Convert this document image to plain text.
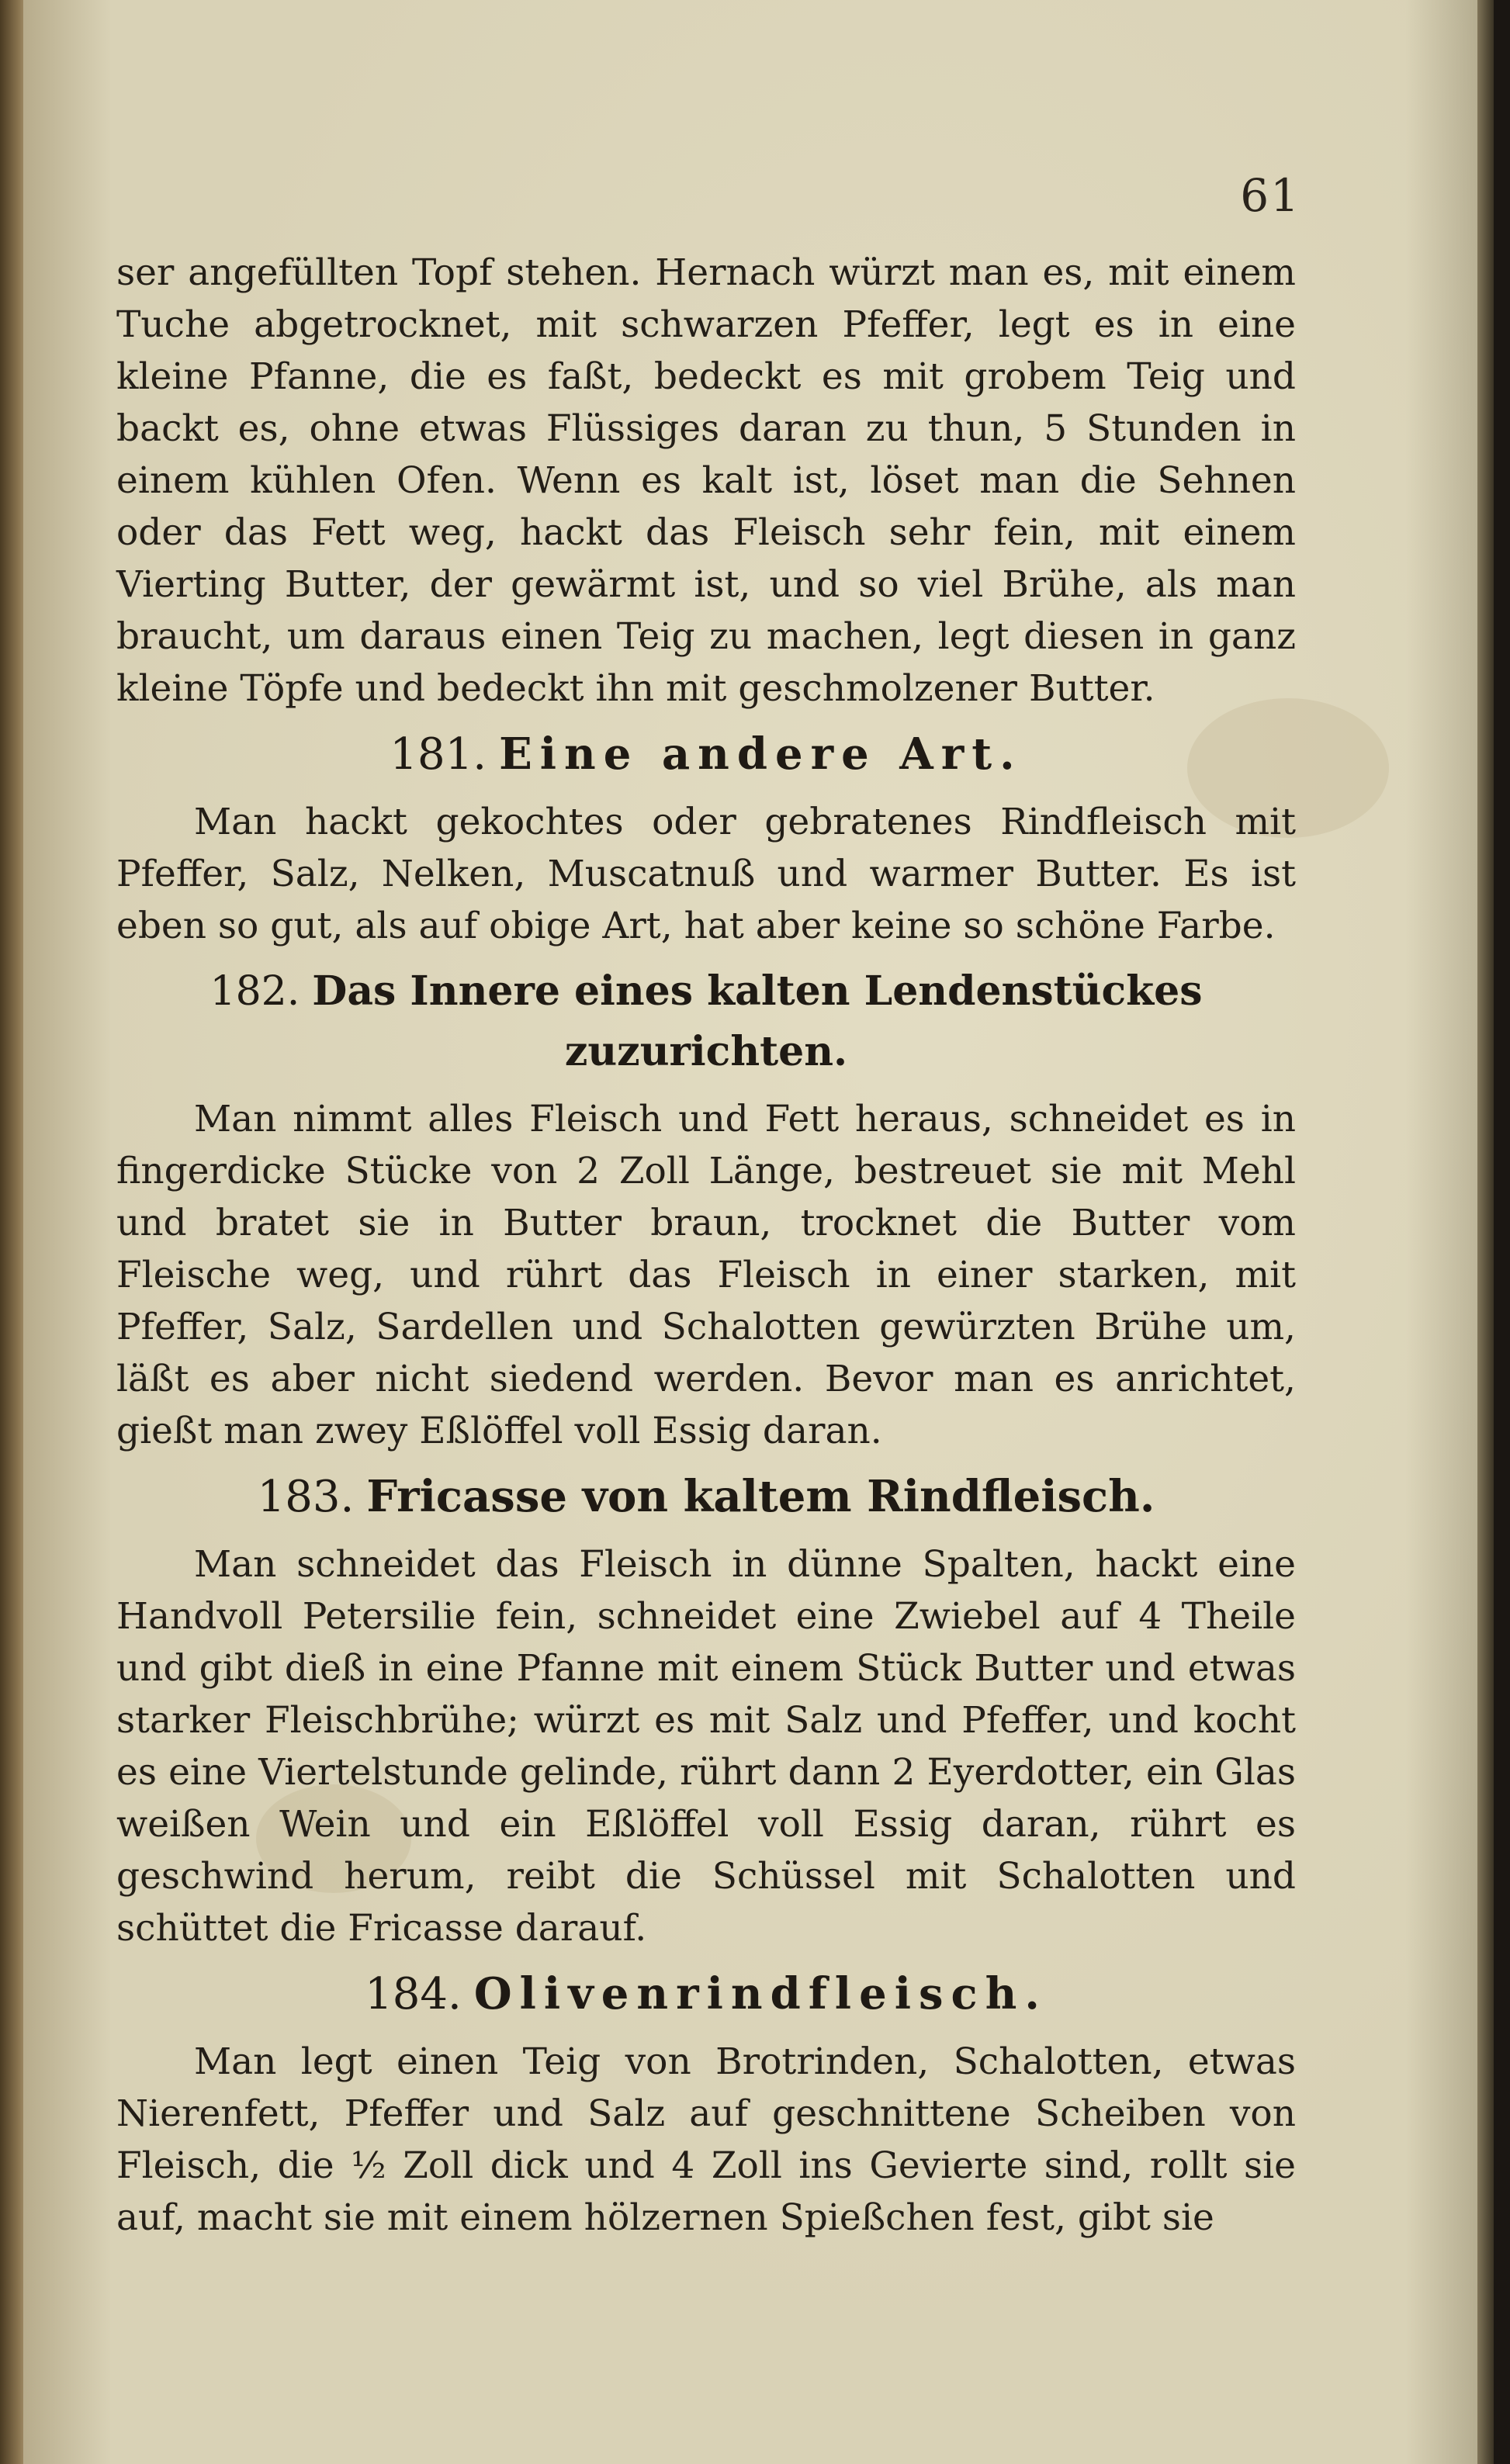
61

ser angefüllten Topf stehen. Hernach würzt man es, mit einem Tuche abgetrocknet, mit schwarzen Pfeffer, legt es in eine kleine Pfanne, die es faßt, bedeckt es mit grobem Teig und backt es, ohne etwas Flüssiges daran zu thun, 5 Stunden in einem kühlen Ofen. Wenn es kalt ist, löset man die Sehnen oder das Fett weg, hackt das Fleisch sehr fein, mit einem Vierting Butter, der gewärmt ist, und so viel Brühe, als man braucht, um daraus einen Teig zu machen, legt diesen in ganz kleine Töpfe und bedeckt ihn mit geschmolzener Butter.

181. Eine andere Art.

Man hackt gekochtes oder gebratenes Rindfleisch mit Pfeffer, Salz, Nelken, Muscatnuß und warmer Butter. Es ist eben so gut, als auf obige Art, hat aber keine so schöne Farbe.

182. Das Innere eines kalten Lendenstückes zuzurichten.

Man nimmt alles Fleisch und Fett heraus, schneidet es in fingerdicke Stücke von 2 Zoll Länge, bestreuet sie mit Mehl und bratet sie in Butter braun, trocknet die Butter vom Fleische weg, und rührt das Fleisch in einer starken, mit Pfeffer, Salz, Sardellen und Schalotten gewürzten Brühe um, läßt es aber nicht siedend werden. Bevor man es anrichtet, gießt man zwey Eßlöffel voll Essig daran.

183. Fricasse von kaltem Rindfleisch.

Man schneidet das Fleisch in dünne Spalten, hackt eine Handvoll Petersilie fein, schneidet eine Zwiebel auf 4 Theile und gibt dieß in eine Pfanne mit einem Stück Butter und etwas starker Fleischbrühe; würzt es mit Salz und Pfeffer, und kocht es eine Viertelstunde gelinde, rührt dann 2 Eyerdotter, ein Glas weißen Wein und ein Eßlöffel voll Essig daran, rührt es geschwind herum, reibt die Schüssel mit Schalotten und schüttet die Fricasse darauf.

184. Olivenrindfleisch.

Man legt einen Teig von Brotrinden, Schalotten, etwas Nierenfett, Pfeffer und Salz auf geschnittene Scheiben von Fleisch, die ½ Zoll dick und 4 Zoll ins Gevierte sind, rollt sie auf, macht sie mit einem hölzernen Spießchen fest, gibt sie
